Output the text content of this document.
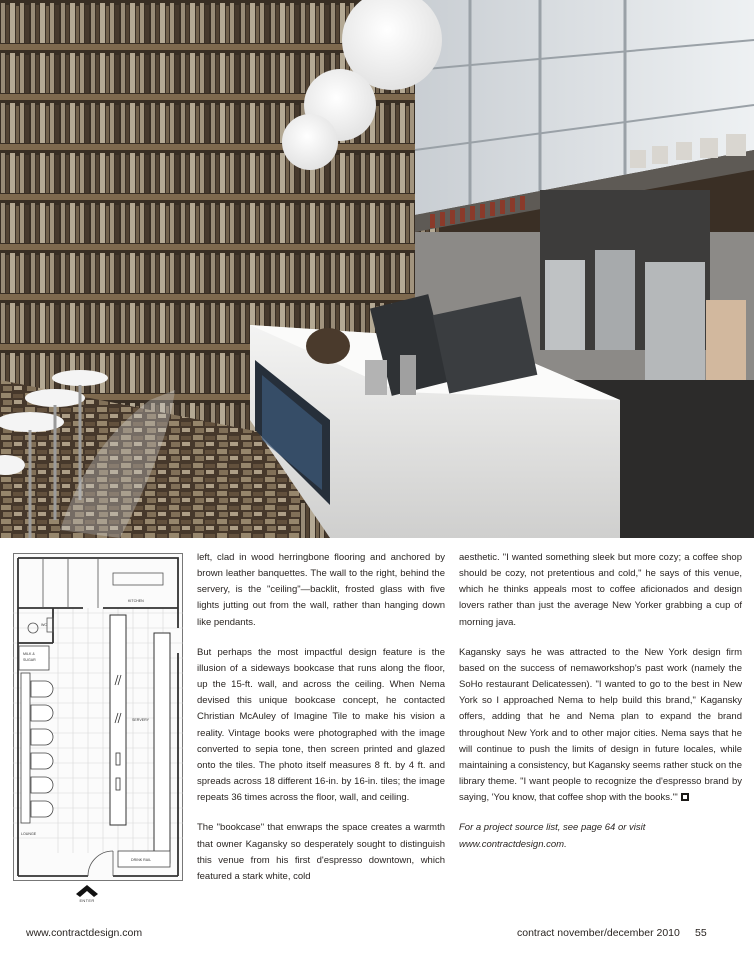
KITCHEN
WC
MILK &
SUGAR
LOUNGE
SERVERY
DRINK RAIL
ENTER

left, clad in wood herringbone flooring and anchored by brown leather banquettes. The wall to the right, behind the servery, is the "ceiling"—backlit, frosted glass with five lights jutting out from the wall, rather than hanging down like pendants.

But perhaps the most impactful design feature is the illusion of a sideways bookcase that runs along the floor, up the 15-ft. wall, and across the ceiling. When Nema devised this unique bookcase concept, he contacted Christian McAuley of Imagine Tile to make his vision a reality. Vintage books were photographed with the image converted to sepia tone, then screen printed and glazed onto the tiles. The photo itself measures 8 ft. by 4 ft. and spreads across 18 different 16-in. by 16-in. tiles; the image repeats 36 times across the floor, wall, and ceiling.

The "bookcase" that enwraps the space creates a warmth that owner Kagansky so desperately sought to distinguish this venue from his first d'espresso downtown, which featured a stark white, cold

aesthetic. "I wanted something sleek but more cozy; a coffee shop should be cozy, not pretentious and cold," he says of this venue, which he thinks appeals most to coffee aficionados and design lovers rather than just the average New Yorker grabbing a cup of morning java.

Kagansky says he was attracted to the New York design firm based on the success of nemaworkshop's past work (namely the SoHo restaurant Delicatessen). "I wanted to go to the best in New York so I approached Nema to help build this brand," Kagansky offers, adding that he and Nema plan to expand the brand throughout New York and to other major cities. Nema says that he will continue to push the limits of design in future locales, while maintaining a consistency, but Kagansky seems rather stuck on the library theme. "I want people to recognize the d'espresso brand by saying, 'You know, that coffee shop with the books.'"

For a project source list, see page 64 or visit www.contractdesign.com.

www.contractdesign.com	contract november/december 2010 55
